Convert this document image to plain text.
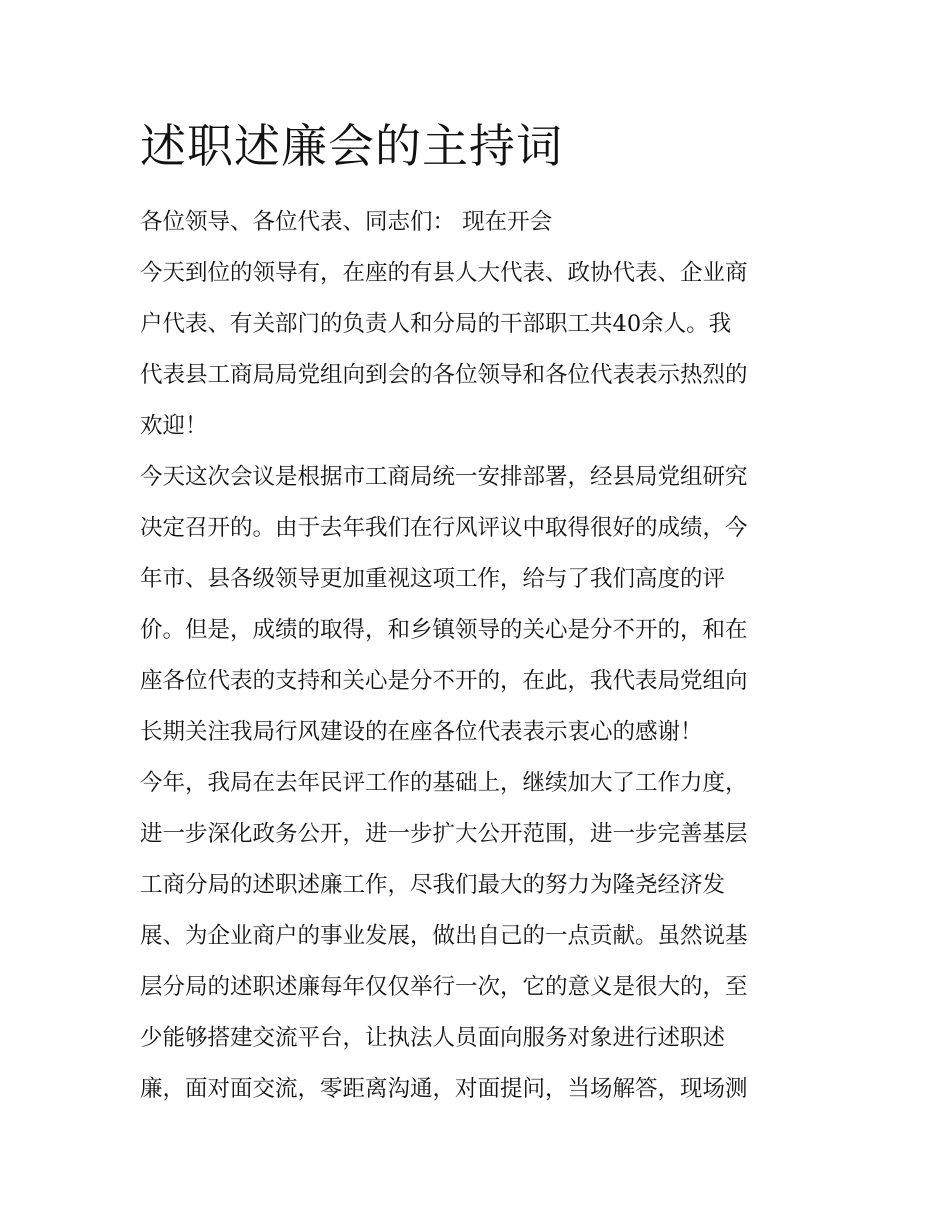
述职述廉会的主持词

各位领导、各位代表、同志们： 现在开会

今天到位的领导有，在座的有县人大代表、政协代表、企业商
户代表、有关部门的负责人和分局的干部职工共40余人。我
代表县工商局局党组向到会的各位领导和各位代表表示热烈的
欢迎！

今天这次会议是根据市工商局统一安排部署，经县局党组研究
决定召开的。由于去年我们在行风评议中取得很好的成绩，今
年市、县各级领导更加重视这项工作，给与了我们高度的评
价。但是，成绩的取得，和乡镇领导的关心是分不开的，和在
座各位代表的支持和关心是分不开的，在此，我代表局党组向
长期关注我局行风建设的在座各位代表表示衷心的感谢！

今年，我局在去年民评工作的基础上，继续加大了工作力度，
进一步深化政务公开，进一步扩大公开范围，进一步完善基层
工商分局的述职述廉工作，尽我们最大的努力为隆尧经济发
展、为企业商户的事业发展，做出自己的一点贡献。虽然说基
层分局的述职述廉每年仅仅举行一次，它的意义是很大的，至
少能够搭建交流平台，让执法人员面向服务对象进行述职述
廉，面对面交流，零距离沟通，对面提问，当场解答，现场测
